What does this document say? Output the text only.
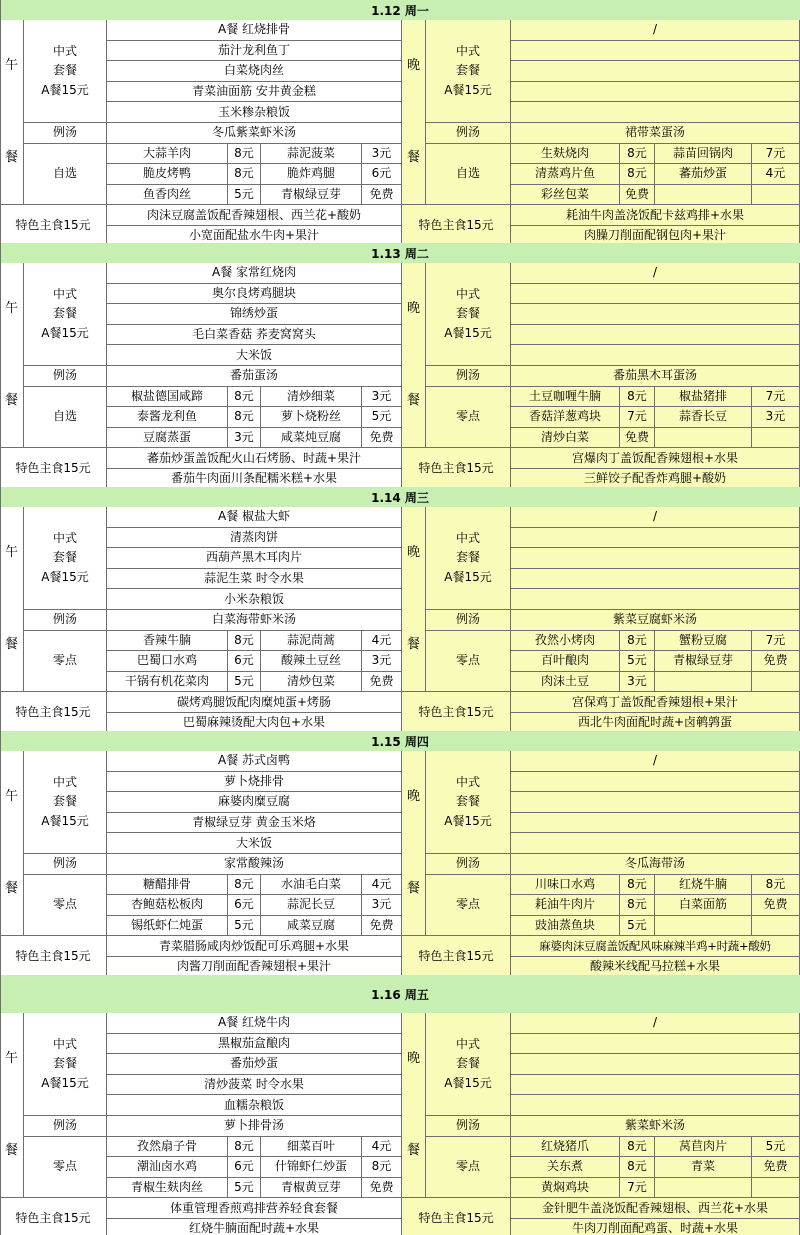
1.12 周一
午
餐
晚
餐
中式
套餐
A餐15元
A餐 红烧排骨
茄汁龙利鱼丁
白菜烧肉丝
青菜油面筋 安井黄金糕
玉米糁杂粮饭
例汤	冬瓜紫菜虾米汤
自选
大蒜羊肉	8元	蒜泥菠菜	3元
脆皮烤鸭	8元	脆炸鸡腿	6元
鱼香肉丝	5元	青椒绿豆芽	免费
特色主食15元
肉沫豆腐盖饭配香辣翅根、西兰花+酸奶
小宽面配盐水牛肉+果汁
中式
套餐
A餐15元
/
例汤	裙带菜蛋汤
自选
生麸烧肉	8元	蒜苗回锅肉	7元
清蒸鸡片鱼	8元	蕃茄炒蛋	4元
彩丝包菜	免费
特色主食15元
耗油牛肉盖浇饭配卡兹鸡排+水果
肉臊刀削面配钢包肉+果汁
1.13 周二
午
餐
晚
餐
中式
套餐
A餐15元
A餐 家常红烧肉
奥尔良烤鸡腿块
锦绣炒蛋
毛白菜香菇 荞麦窝窝头
大米饭
例汤	番茄蛋汤
自选
椒盐德国咸蹄	8元	清炒细菜	3元
泰酱龙利鱼	8元	萝卜烧粉丝	5元
豆腐蒸蛋	3元	咸菜炖豆腐	免费
特色主食15元
蕃茄炒蛋盖饭配火山石烤肠、时蔬+果汁
番茄牛肉面川条配糯米糕+水果
中式
套餐
A餐15元
/
例汤	番茄黑木耳蛋汤
零点
土豆咖喱牛腩	8元	椒盐猪排	7元
香菇洋葱鸡块	7元	蒜香长豆	3元
清炒白菜	免费
特色主食15元
宫爆肉丁盖饭配香辣翅根+水果
三鲜饺子配香炸鸡腿+酸奶
1.14 周三
午
餐
晚
餐
中式
套餐
A餐15元
A餐 椒盐大虾
清蒸肉饼
西葫芦黑木耳肉片
蒜泥生菜 时令水果
小米杂粮饭
例汤	白菜海带虾米汤
零点
香辣牛腩	8元	蒜泥茼蒿	4元
巴蜀口水鸡	6元	酸辣土豆丝	3元
干锅有机花菜肉	5元	清炒包菜	免费
特色主食15元
碳烤鸡腿饭配肉糜炖蛋+烤肠
巴蜀麻辣烫配大肉包+水果
中式
套餐
A餐15元
/
例汤	紫菜豆腐虾米汤
零点
孜然小烤肉	8元	蟹粉豆腐	7元
百叶酿肉	5元	青椒绿豆芽	免费
肉沫土豆	3元
特色主食15元
宫保鸡丁盖饭配香辣翅根+果汁
西北牛肉面配时蔬+卤鹌鹑蛋
1.15 周四
午
餐
晚
餐
中式
套餐
A餐15元
A餐 苏式卤鸭
萝卜烧排骨
麻婆肉糜豆腐
青椒绿豆芽 黄金玉米烙
大米饭
例汤	家常酸辣汤
零点
糖醋排骨	8元	水油毛白菜	4元
杏鲍菇松板肉	6元	蒜泥长豆	3元
锡纸虾仁炖蛋	5元	咸菜豆腐	免费
特色主食15元
青菜腊肠咸肉炒饭配可乐鸡腿+水果
肉酱刀削面配香辣翅根+果汁
中式
套餐
A餐15元
/
例汤	冬瓜海带汤
零点
川味口水鸡	8元	红烧牛腩	8元
耗油牛肉片	8元	白菜面筋	免费
豉油蒸鱼块	5元
特色主食15元
麻婆肉沫豆腐盖饭配风味麻辣半鸡+时蔬+酸奶
酸辣米线配马拉糕+水果
1.16 周五
午
餐
晚
餐
中式
套餐
A餐15元
A餐 红烧牛肉
黑椒茄盒酿肉
番茄炒蛋
清炒菠菜 时令水果
血糯杂粮饭
例汤	萝卜排骨汤
零点
孜然扇子骨	8元	细菜百叶	4元
潮汕卤水鸡	6元	什锦虾仁炒蛋	8元
青椒生麸肉丝	5元	青椒黄豆芽	免费
特色主食15元
体重管理香煎鸡排营养轻食套餐
红烧牛腩面配时蔬+水果
中式
套餐
A餐15元
/
例汤	紫菜虾米汤
零点
红烧猪爪	8元	莴苣肉片	5元
关东煮	8元	青菜	免费
黄焖鸡块	7元
特色主食15元
金针肥牛盖浇饭配香辣翅根、西兰花+水果
牛肉刀削面配鸡蛋、时蔬+水果
